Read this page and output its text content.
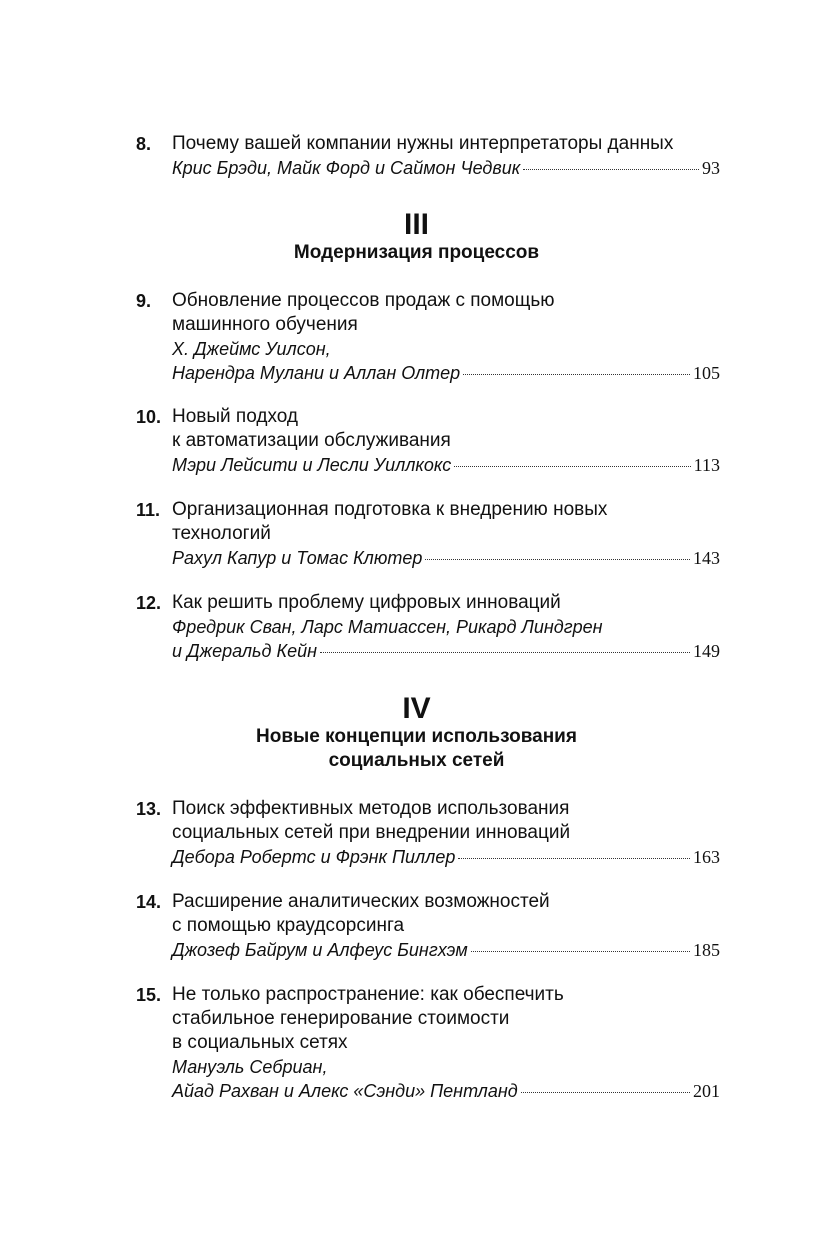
8. Почему вашей компании нужны интерпретаторы данных
Крис Брэди, Майк Форд и Саймон Чедвик	93
III
Модернизация процессов
9. Обновление процессов продаж с помощью
машинного обучения
Х. Джеймс Уилсон,
Нарендра Мулани и Аллан Олтер	105
10. Новый подход
к автоматизации обслуживания
Мэри Лейсити и Лесли Уиллкокс	113
11. Организационная подготовка к внедрению новых
технологий
Рахул Капур и Томас Клютер	143
12. Как решить проблему цифровых инноваций
Фредрик Сван, Ларс Матиассен, Рикард Линдгрен
и Джеральд Кейн	149
IV
Новые концепции использования
социальных сетей
13. Поиск эффективных методов использования
социальных сетей при внедрении инноваций
Дебора Робертс и Фрэнк Пиллер	163
14. Расширение аналитических возможностей
с помощью краудсорсинга
Джозеф Байрум и Алфеус Бингхэм	185
15. Не только распространение: как обеспечить
стабильное генерирование стоимости
в социальных сетях
Мануэль Себриан,
Айад Рахван и Алекс «Сэнди» Пентланд	201
